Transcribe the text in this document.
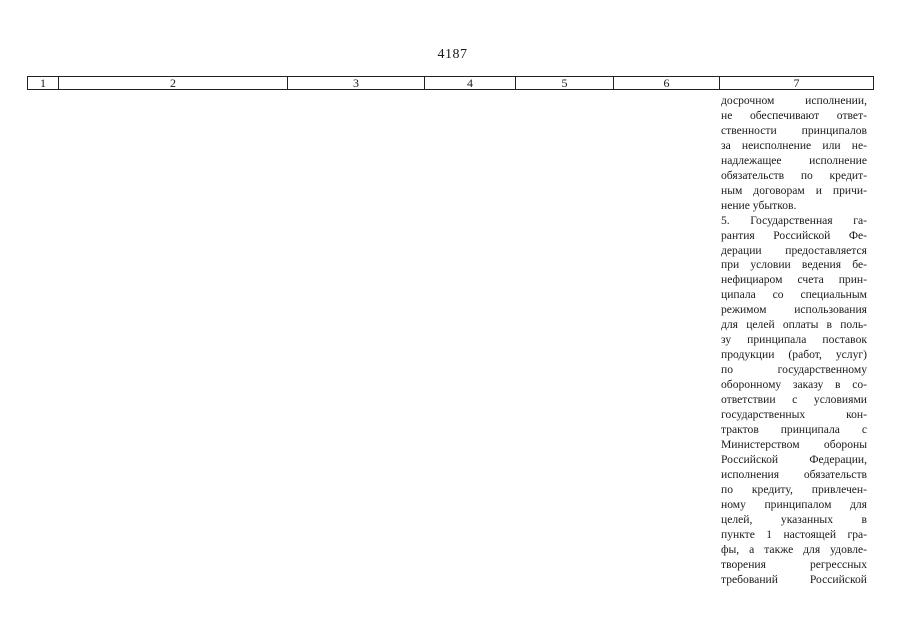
4187
1	2	3	4	5	6	7
досрочном исполнении,
не обеспечивают ответ-
ственности принципалов
за неисполнение или не-
надлежащее исполнение
обязательств по кредит-
ным договорам и причи-
нение убытков.
5. Государственная га-
рантия Российской Фе-
дерации предоставляется
при условии ведения бе-
нефициаром счета прин-
ципала со специальным
режимом использования
для целей оплаты в поль-
зу принципала поставок
продукции (работ, услуг)
по государственному
оборонному заказу в со-
ответствии с условиями
государственных кон-
трактов принципала с
Министерством обороны
Российской Федерации,
исполнения обязательств
по кредиту, привлечен-
ному принципалом для
целей, указанных в
пункте 1 настоящей гра-
фы, а также для удовле-
творения регрессных
требований Российской
